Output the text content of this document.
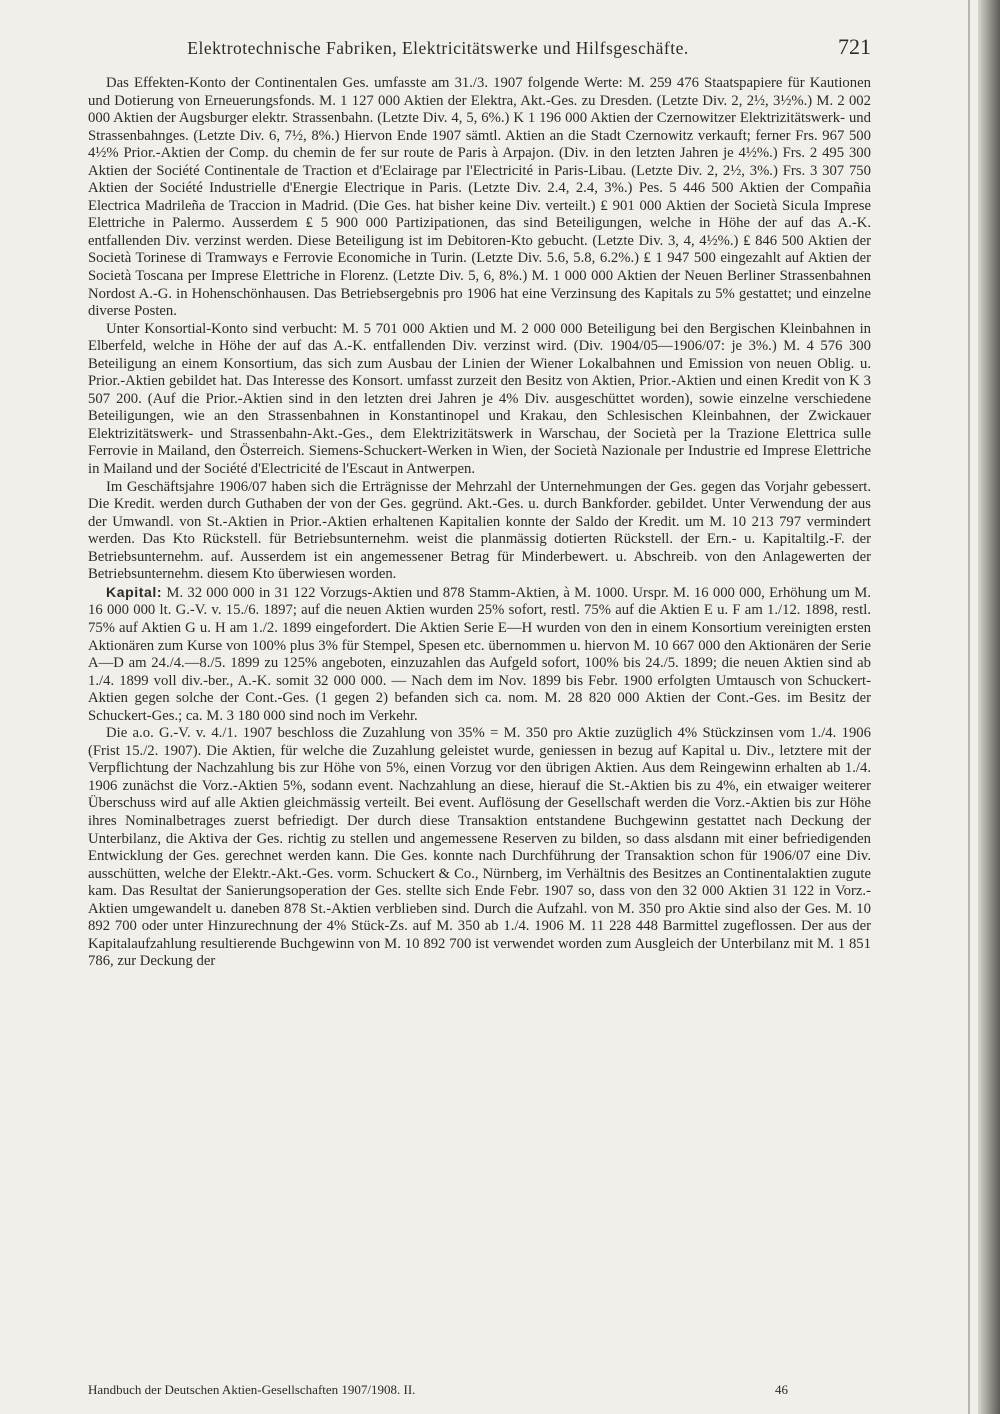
Elektrotechnische Fabriken, Elektricitätswerke und Hilfsgeschäfte.	721

Das Effekten-Konto der Continentalen Ges. umfasste am 31./3. 1907 folgende Werte: M. 259 476 Staatspapiere für Kautionen und Dotierung von Erneuerungsfonds. M. 1 127 000 Aktien der Elektra, Akt.-Ges. zu Dresden. (Letzte Div. 2, 2½, 3½%.) M. 2 002 000 Aktien der Augsburger elektr. Strassenbahn. (Letzte Div. 4, 5, 6%.) K 1 196 000 Aktien der Czernowitzer Elektrizitätswerk- und Strassenbahnges. (Letzte Div. 6, 7½, 8%.) Hiervon Ende 1907 sämtl. Aktien an die Stadt Czernowitz verkauft; ferner Frs. 967 500 4½% Prior.-Aktien der Comp. du chemin de fer sur route de Paris à Arpajon. (Div. in den letzten Jahren je 4½%.) Frs. 2 495 300 Aktien der Société Continentale de Traction et d'Eclairage par l'Electricité in Paris-Libau. (Letzte Div. 2, 2½, 3%.) Frs. 3 307 750 Aktien der Société Industrielle d'Energie Electrique in Paris. (Letzte Div. 2.4, 2.4, 3%.) Pes. 5 446 500 Aktien der Compañia Electrica Madrileña de Traccion in Madrid. (Die Ges. hat bisher keine Div. verteilt.) ₤ 901 000 Aktien der Società Sicula Imprese Elettriche in Palermo. Ausserdem ₤ 5 900 000 Partizipationen, das sind Beteiligungen, welche in Höhe der auf das A.-K. entfallenden Div. verzinst werden. Diese Beteiligung ist im Debitoren-Kto gebucht. (Letzte Div. 3, 4, 4½%.) ₤ 846 500 Aktien der Società Torinese di Tramways e Ferrovie Economiche in Turin. (Letzte Div. 5.6, 5.8, 6.2%.) ₤ 1 947 500 eingezahlt auf Aktien der Società Toscana per Imprese Elettriche in Florenz. (Letzte Div. 5, 6, 8%.) M. 1 000 000 Aktien der Neuen Berliner Strassenbahnen Nordost A.-G. in Hohenschönhausen. Das Betriebsergebnis pro 1906 hat eine Verzinsung des Kapitals zu 5% gestattet; und einzelne diverse Posten.

Unter Konsortial-Konto sind verbucht: M. 5 701 000 Aktien und M. 2 000 000 Beteiligung bei den Bergischen Kleinbahnen in Elberfeld, welche in Höhe der auf das A.-K. entfallenden Div. verzinst wird. (Div. 1904/05—1906/07: je 3%.) M. 4 576 300 Beteiligung an einem Konsortium, das sich zum Ausbau der Linien der Wiener Lokalbahnen und Emission von neuen Oblig. u. Prior.-Aktien gebildet hat. Das Interesse des Konsort. umfasst zurzeit den Besitz von Aktien, Prior.-Aktien und einen Kredit von K 3 507 200. (Auf die Prior.-Aktien sind in den letzten drei Jahren je 4% Div. ausgeschüttet worden), sowie einzelne verschiedene Beteiligungen, wie an den Strassenbahnen in Konstantinopel und Krakau, den Schlesischen Kleinbahnen, der Zwickauer Elektrizitätswerk- und Strassenbahn-Akt.-Ges., dem Elektrizitätswerk in Warschau, der Società per la Trazione Elettrica sulle Ferrovie in Mailand, den Österreich. Siemens-Schuckert-Werken in Wien, der Società Nazionale per Industrie ed Imprese Elettriche in Mailand und der Société d'Electricité de l'Escaut in Antwerpen.

Im Geschäftsjahre 1906/07 haben sich die Erträgnisse der Mehrzahl der Unternehmungen der Ges. gegen das Vorjahr gebessert. Die Kredit. werden durch Guthaben der von der Ges. gegründ. Akt.-Ges. u. durch Bankforder. gebildet. Unter Verwendung der aus der Umwandl. von St.-Aktien in Prior.-Aktien erhaltenen Kapitalien konnte der Saldo der Kredit. um M. 10 213 797 vermindert werden. Das Kto Rückstell. für Betriebsunternehm. weist die planmässig dotierten Rückstell. der Ern.- u. Kapitaltilg.-F. der Betriebsunternehm. auf. Ausserdem ist ein angemessener Betrag für Minderbewert. u. Abschreib. von den Anlagewerten der Betriebsunternehm. diesem Kto überwiesen worden.

Kapital: M. 32 000 000 in 31 122 Vorzugs-Aktien und 878 Stamm-Aktien, à M. 1000. Urspr. M. 16 000 000, Erhöhung um M. 16 000 000 lt. G.-V. v. 15./6. 1897; auf die neuen Aktien wurden 25% sofort, restl. 75% auf die Aktien E u. F am 1./12. 1898, restl. 75% auf Aktien G u. H am 1./2. 1899 eingefordert. Die Aktien Serie E—H wurden von den in einem Konsortium vereinigten ersten Aktionären zum Kurse von 100% plus 3% für Stempel, Spesen etc. übernommen u. hiervon M. 10 667 000 den Aktionären der Serie A—D am 24./4.—8./5. 1899 zu 125% angeboten, einzuzahlen das Aufgeld sofort, 100% bis 24./5. 1899; die neuen Aktien sind ab 1./4. 1899 voll div.-ber., A.-K. somit 32 000 000. — Nach dem im Nov. 1899 bis Febr. 1900 erfolgten Umtausch von Schuckert-Aktien gegen solche der Cont.-Ges. (1 gegen 2) befanden sich ca. nom. M. 28 820 000 Aktien der Cont.-Ges. im Besitz der Schuckert-Ges.; ca. M. 3 180 000 sind noch im Verkehr.

Die a.o. G.-V. v. 4./1. 1907 beschloss die Zuzahlung von 35% = M. 350 pro Aktie zuzüglich 4% Stückzinsen vom 1./4. 1906 (Frist 15./2. 1907). Die Aktien, für welche die Zuzahlung geleistet wurde, geniessen in bezug auf Kapital u. Div., letztere mit der Verpflichtung der Nachzahlung bis zur Höhe von 5%, einen Vorzug vor den übrigen Aktien. Aus dem Reingewinn erhalten ab 1./4. 1906 zunächst die Vorz.-Aktien 5%, sodann event. Nachzahlung an diese, hierauf die St.-Aktien bis zu 4%, ein etwaiger weiterer Überschuss wird auf alle Aktien gleichmässig verteilt. Bei event. Auflösung der Gesellschaft werden die Vorz.-Aktien bis zur Höhe ihres Nominalbetrages zuerst befriedigt. Der durch diese Transaktion entstandene Buchgewinn gestattet nach Deckung der Unterbilanz, die Aktiva der Ges. richtig zu stellen und angemessene Reserven zu bilden, so dass alsdann mit einer befriedigenden Entwicklung der Ges. gerechnet werden kann. Die Ges. konnte nach Durchführung der Transaktion schon für 1906/07 eine Div. ausschütten, welche der Elektr.-Akt.-Ges. vorm. Schuckert & Co., Nürnberg, im Verhältnis des Besitzes an Continentalaktien zugute kam. Das Resultat der Sanierungsoperation der Ges. stellte sich Ende Febr. 1907 so, dass von den 32 000 Aktien 31 122 in Vorz.-Aktien umgewandelt u. daneben 878 St.-Aktien verblieben sind. Durch die Aufzahl. von M. 350 pro Aktie sind also der Ges. M. 10 892 700 oder unter Hinzurechnung der 4% Stück-Zs. auf M. 350 ab 1./4. 1906 M. 11 228 448 Barmittel zugeflossen. Der aus der Kapitalaufzahlung resultierende Buchgewinn von M. 10 892 700 ist verwendet worden zum Ausgleich der Unterbilanz mit M. 1 851 786, zur Deckung der

Handbuch der Deutschen Aktien-Gesellschaften 1907/1908. II.	46
